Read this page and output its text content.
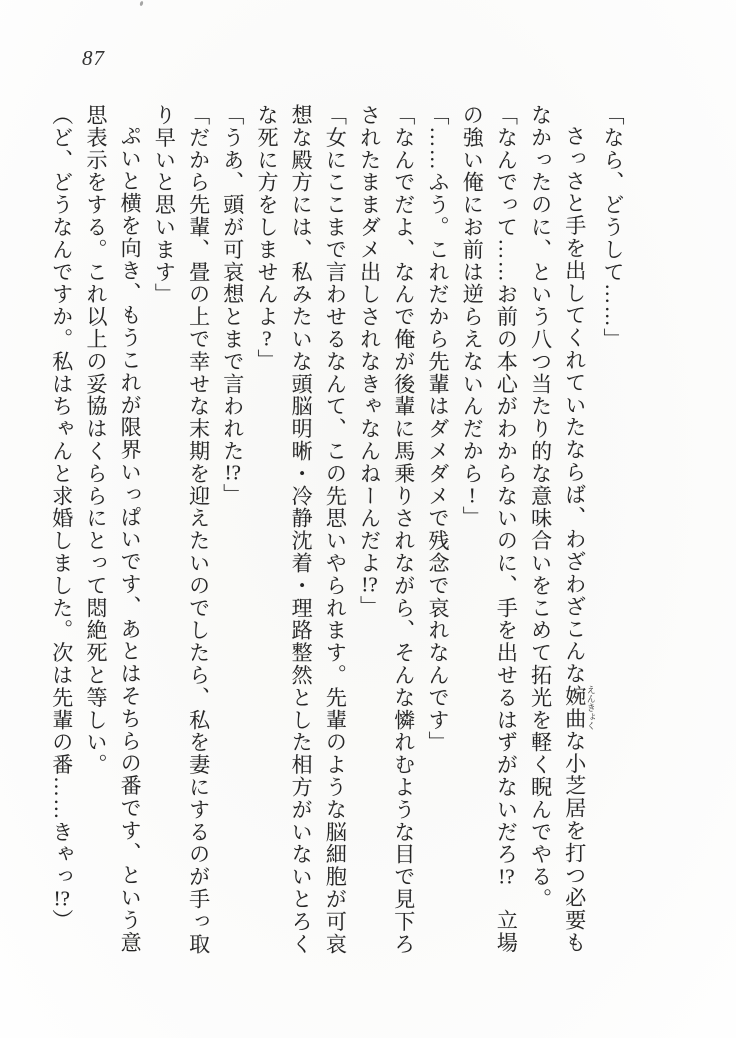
87

「なら、どうして……」

さっさと手を出してくれていたならば、わざわざこんな婉曲 えんきょくな小芝居を打つ必要もなかったのに、という八つ当たり的な意味合いをこめて拓光を軽く睨んでやる。

「なんでって……お前の本心がわからないのに、手を出せるはずがないだろ!?　立場の強い俺にお前は逆らえないんだから!」

「……ふう。これだから先輩はダメダメで残念で哀れなんです」

「なんでだよ、なんで俺が後輩に馬乗りされながら、そんな憐れむような目で見下ろされたままダメ出しされなきゃなんねーんだよ!?」

「女にここまで言わせるなんて、この先思いやられます。先輩のような脳細胞が可哀想な殿方には、私みたいな頭脳明晰・冷静沈着・理路整然とした相方がいないとろくな死に方をしませんよ?」

「うあ、頭が可哀想とまで言われた!?」

「だから先輩、畳の上で幸せな末期を迎えたいのでしたら、私を妻にするのが手っ取り早いと思います」

ぷいと横を向き、もうこれが限界いっぱいです、あとはそちらの番です、という意思表示をする。これ以上の妥協はくららにとって悶絶死と等しい。

（ど、どうなんですか。私はちゃんと求婚しました。次は先輩の番……きゃっ!?）
